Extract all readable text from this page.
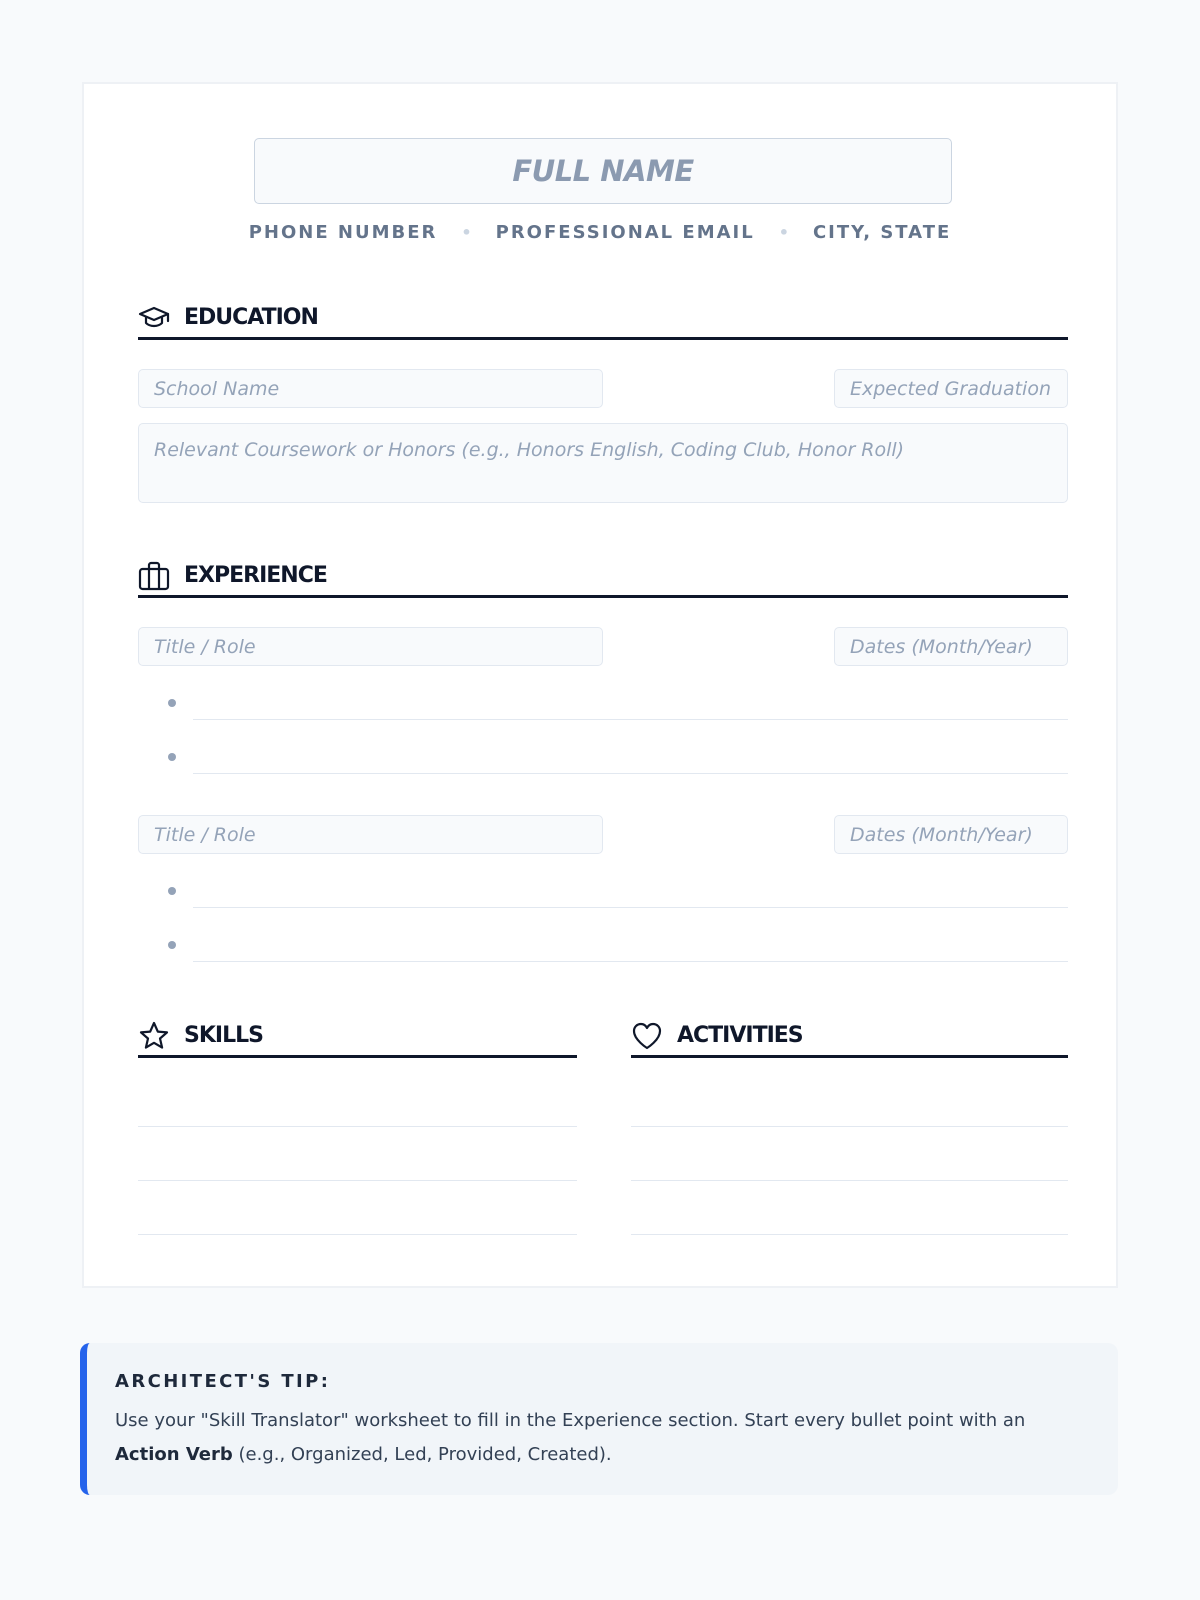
FULL NAME
PHONE NUMBER • PROFESSIONAL EMAIL • CITY, STATE
EDUCATION
School Name	Expected Graduation
Relevant Coursework or Honors (e.g., Honors English, Coding Club, Honor Roll)
EXPERIENCE
Title / Role	Dates (Month/Year)
Title / Role	Dates (Month/Year)
SKILLS	ACTIVITIES
ARCHITECT'S TIP:
Use your "Skill Translator" worksheet to fill in the Experience section. Start every bullet point with an Action Verb (e.g., Organized, Led, Provided, Created).
